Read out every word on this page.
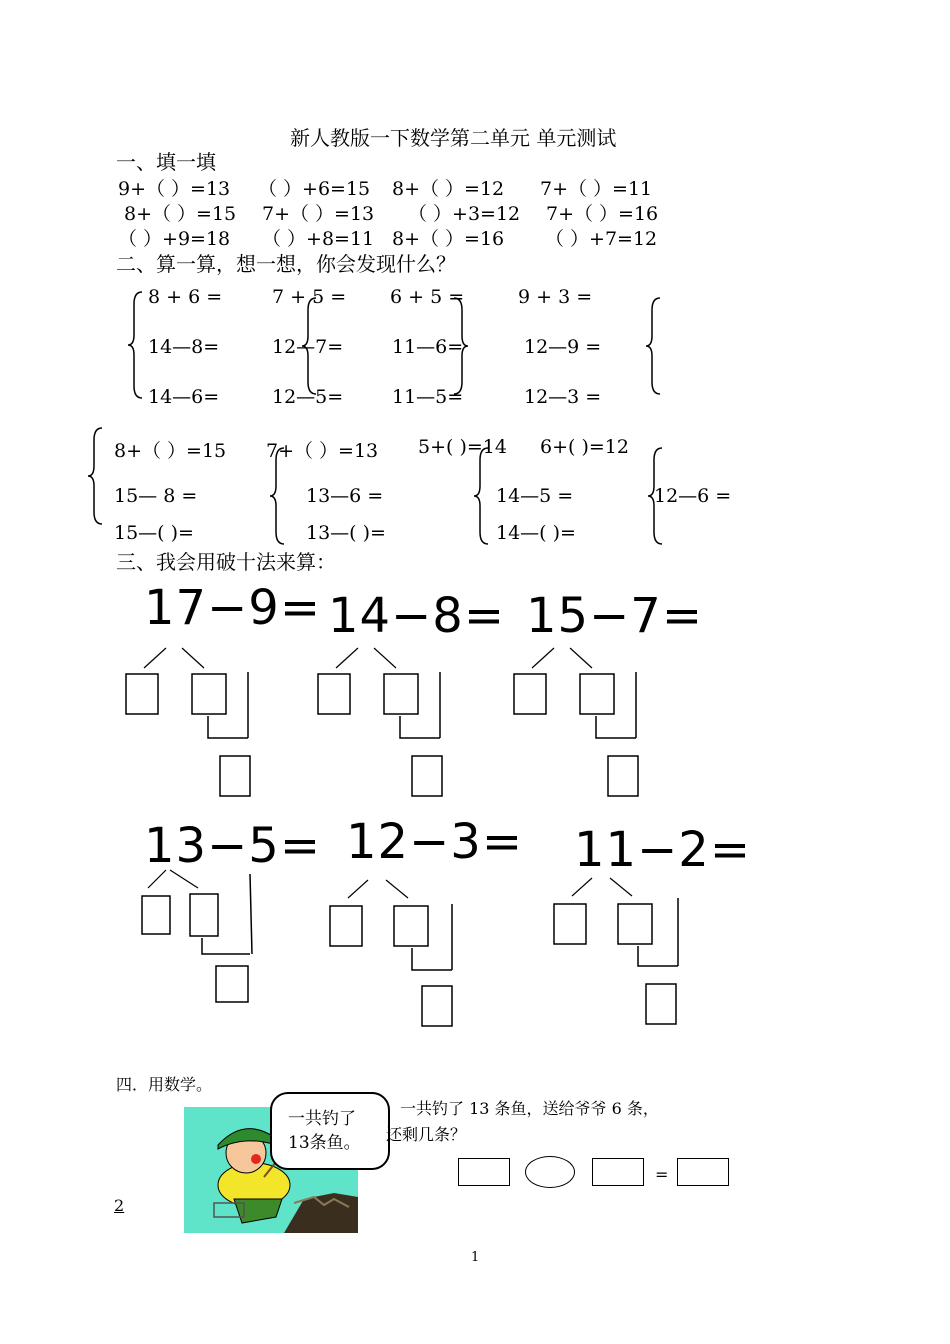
新人教版一下数学第二单元 单元测试
一、填一填
9+（ ）=13 （ ）+6=15 8+（ ）=12 7+（ ）=11
8+（ ）=15 7+（ ）=13 （ ）+3=12 7+（ ）=16
（ ）+9=18 （ ）+8=11 8+（ ）=16 （ ）+7=12
二、算一算，想一想，你会发现什么？
8 + 6 =
14—8=
14—6=
7 + 5 =
12—7=
12—5=
6 + 5 =
11—6=
11—5=
9 + 3 =
12—9 =
12—3 =
8+（ ）=15
15— 8 =
15—( )=
7+（ ）=13
13—6 =
13—( )=
5+( )=14
14—5 =
14—( )=
6+( )=12
12—6 =
三、我会用破十法来算：
17−9= 14−8= 15−7=
13−5= 12−3= 11−2=
四．用数学。
一共钓了
13条鱼。
一共钓了 13 条鱼，送给爷爷 6 条，
还剩几条？
=
2
1
